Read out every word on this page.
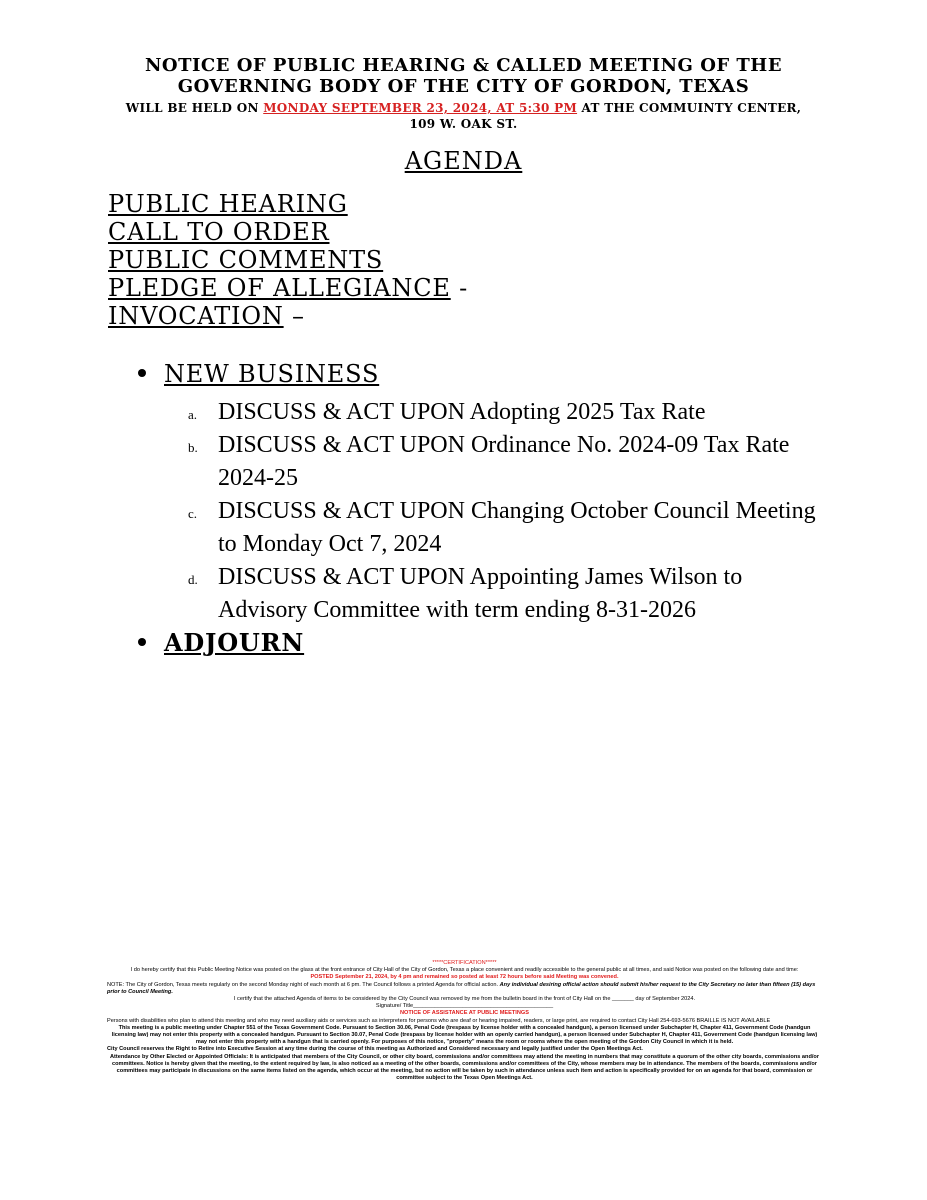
NOTICE OF PUBLIC HEARING & CALLED MEETING OF THE
GOVERNING BODY OF THE CITY OF GORDON, TEXAS
WILL BE HELD ON MONDAY SEPTEMBER 23, 2024, AT 5:30 PM AT THE COMMUINTY CENTER,
109 W. OAK ST.
AGENDA
PUBLIC HEARING
CALL TO ORDER
PUBLIC COMMENTS
PLEDGE OF ALLEGIANCE -
INVOCATION –
NEW BUSINESS
a. DISCUSS & ACT UPON Adopting 2025 Tax Rate
b. DISCUSS & ACT UPON Ordinance No. 2024-09 Tax Rate 2024-25
c. DISCUSS & ACT UPON Changing October Council Meeting to Monday Oct 7, 2024
d. DISCUSS & ACT UPON Appointing James Wilson to Advisory Committee with term ending 8-31-2026
ADJOURN
*****CERTIFICATION*****
I do hereby certify that this Public Meeting Notice was posted on the glass at the front entrance of City Hall of the City of Gordon, Texas a place convenient and readily accessible to the general public at all times, and said Notice was posted on the following date and time:
POSTED September 21, 2024, by 4 pm and remained so posted at least 72 hours before said Meeting was convened.
NOTE: The City of Gordon, Texas meets regularly on the second Monday night of each month at 6 pm. The Council follows a printed Agenda for official action. Any individual desiring official action should submit his/her request to the City Secretary no later than fifteen (15) days prior to Council Meeting.
I certify that the attached Agenda of items to be considered by the City Council was removed by me from the bulletin board in the front of City Hall on the _______ day of September 2024.
Signature/ Title_____________________________________________
NOTICE OF ASSISTANCE AT PUBLIC MEETINGS
Persons with disabilities who plan to attend this meeting and who may need auxiliary aids or services such as interpreters for persons who are deaf or hearing impaired, readers, or large print, are required to contact City Hall 254-693-5676 BRAILLE IS NOT AVAILABLE
This meeting is a public meeting under Chapter 551 of the Texas Government Code. Pursuant to Section 30.06, Penal Code (trespass by license holder with a concealed handgun), a person licensed under Subchapter H, Chapter 411, Government Code (handgun licensing law) may not enter this property with a concealed handgun. Pursuant to Section 30.07, Penal Code (trespass by license holder with an openly carried handgun), a person licensed under Subchapter H, Chapter 411, Government Code (handgun licensing law) may not enter this property with a handgun that is carried openly. For purposes of this notice, "property" means the room or rooms where the open meeting of the Gordon City Council in which it is held.
City Council reserves the Right to Retire into Executive Session at any time during the course of this meeting as Authorized and Considered necessary and legally justified under the Open Meetings Act.
Attendance by Other Elected or Appointed Officials: It is anticipated that members of the City Council, or other city board, commissions and/or committees may attend the meeting in numbers that may constitute a quorum of the other city boards, commissions and/or committees. Notice is hereby given that the meeting, to the extent required by law, is also noticed as a meeting of the other boards, commissions and/or committees of the City, whose members may be in attendance. The members of the boards, commissions and/or committees may participate in discussions on the same items listed on the agenda, which occur at the meeting, but no action will be taken by such in attendance unless such item and action is specifically provided for on an agenda for that board, commission or committee subject to the Texas Open Meetings Act.
